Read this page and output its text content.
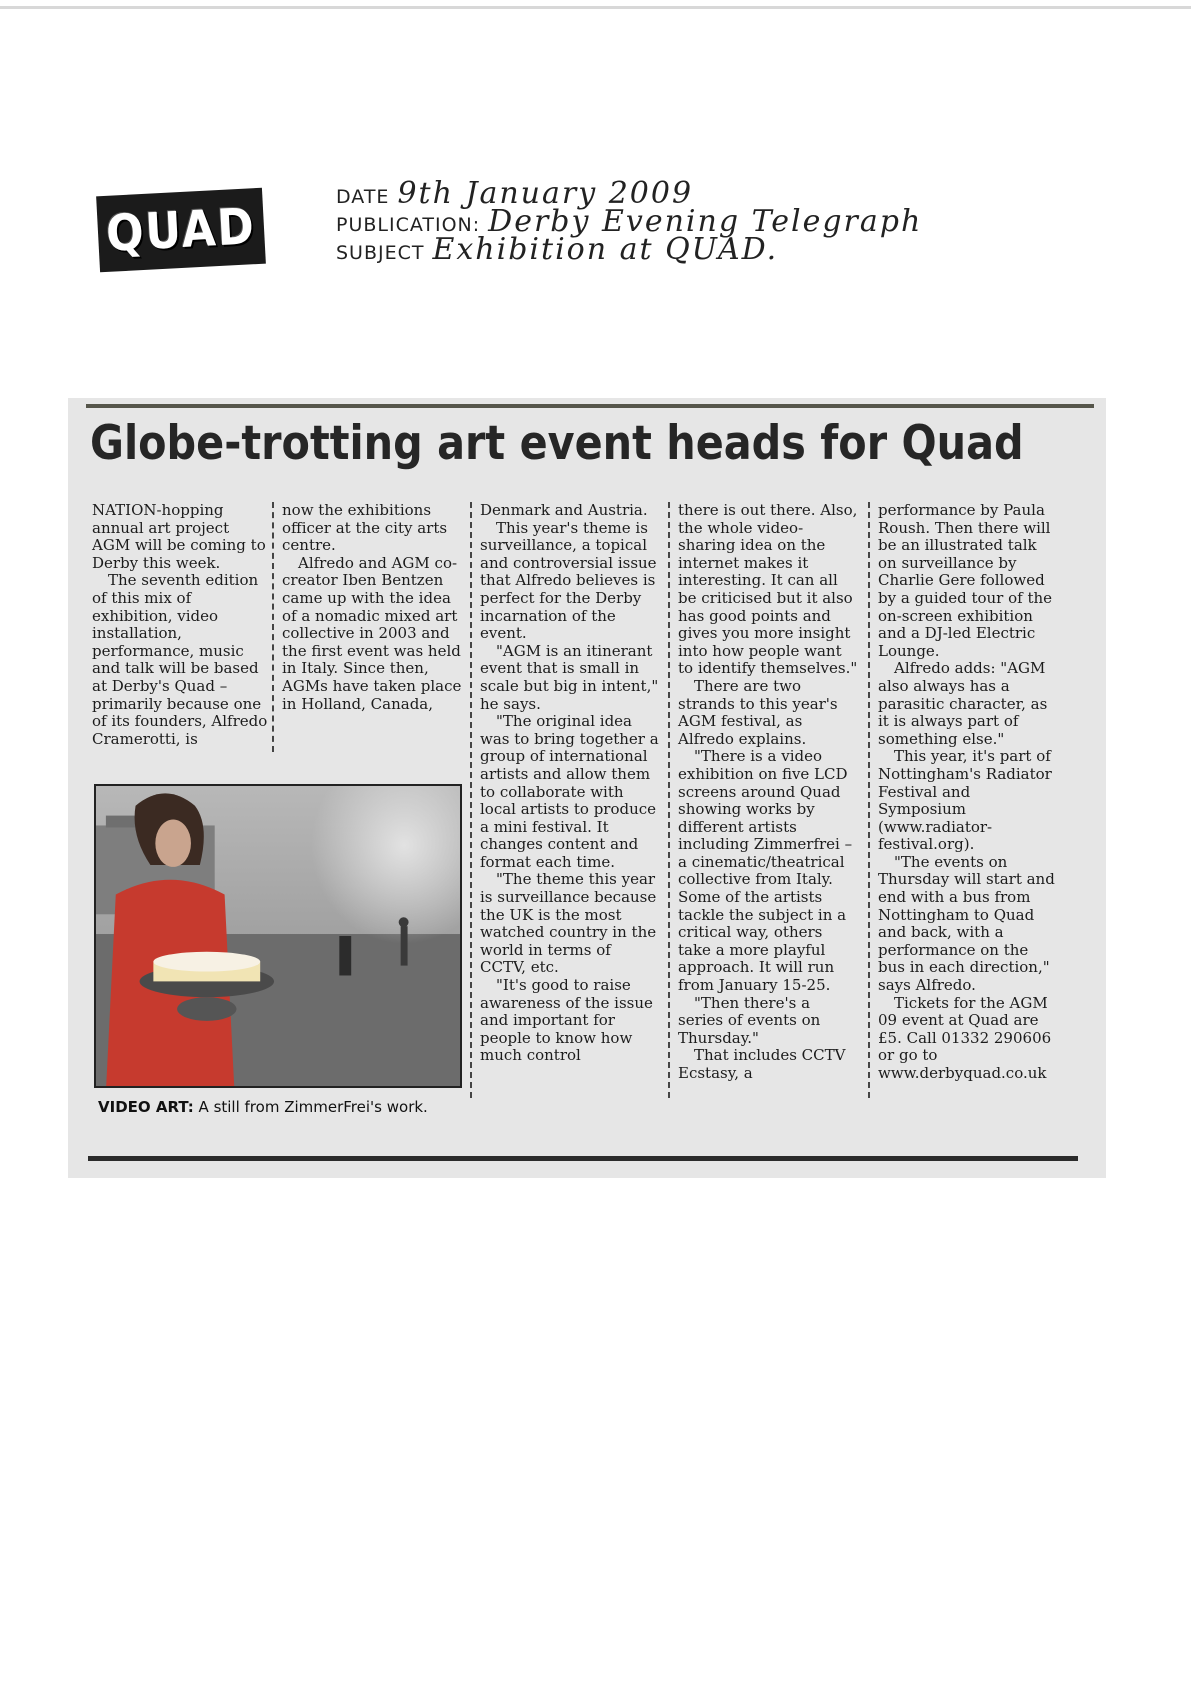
QUAD
DATE 9th January 2009
PUBLICATION: Derby Evening Telegraph
SUBJECT Exhibition at QUAD.
Globe-trotting art event heads for Quad

NATION-hopping annual art project AGM will be coming to Derby this week.

The seventh edition of this mix of exhibition, video installation, performance, music and talk will be based at Derby's Quad – primarily because one of its founders, Alfredo Cramerotti, is

now the exhibitions officer at the city arts centre.

Alfredo and AGM co-creator Iben Bentzen came up with the idea of a nomadic mixed art collective in 2003 and the first event was held in Italy. Since then, AGMs have taken place in Holland, Canada,

Denmark and Austria.

This year's theme is surveillance, a topical and controversial issue that Alfredo believes is perfect for the Derby incarnation of the event.

"AGM is an itinerant event that is small in scale but big in intent," he says.

"The original idea was to bring together a group of international artists and allow them to collaborate with local artists to produce a mini festival. It changes content and format each time.

"The theme this year is surveillance because the UK is the most watched country in the world in terms of CCTV, etc.

"It's good to raise awareness of the issue and important for people to know how much control

there is out there. Also, the whole video-sharing idea on the internet makes it interesting. It can all be criticised but it also has good points and gives you more insight into how people want to identify themselves."

There are two strands to this year's AGM festival, as Alfredo explains.

"There is a video exhibition on five LCD screens around Quad showing works by different artists including Zimmerfrei – a cinematic/theatrical collective from Italy. Some of the artists tackle the subject in a critical way, others take a more playful approach. It will run from January 15-25.

"Then there's a series of events on Thursday."

That includes CCTV Ecstasy, a

performance by Paula Roush. Then there will be an illustrated talk on surveillance by Charlie Gere followed by a guided tour of the on-screen exhibition and a DJ-led Electric Lounge.

Alfredo adds: "AGM also always has a parasitic character, as it is always part of something else."

This year, it's part of Nottingham's Radiator Festival and Symposium (www.radiator-festival.org).

"The events on Thursday will start and end with a bus from Nottingham to Quad and back, with a performance on the bus in each direction," says Alfredo.

Tickets for the AGM 09 event at Quad are £5. Call 01332 290606 or go to www.derbyquad.co.uk

VIDEO ART: A still from ZimmerFrei's work.
